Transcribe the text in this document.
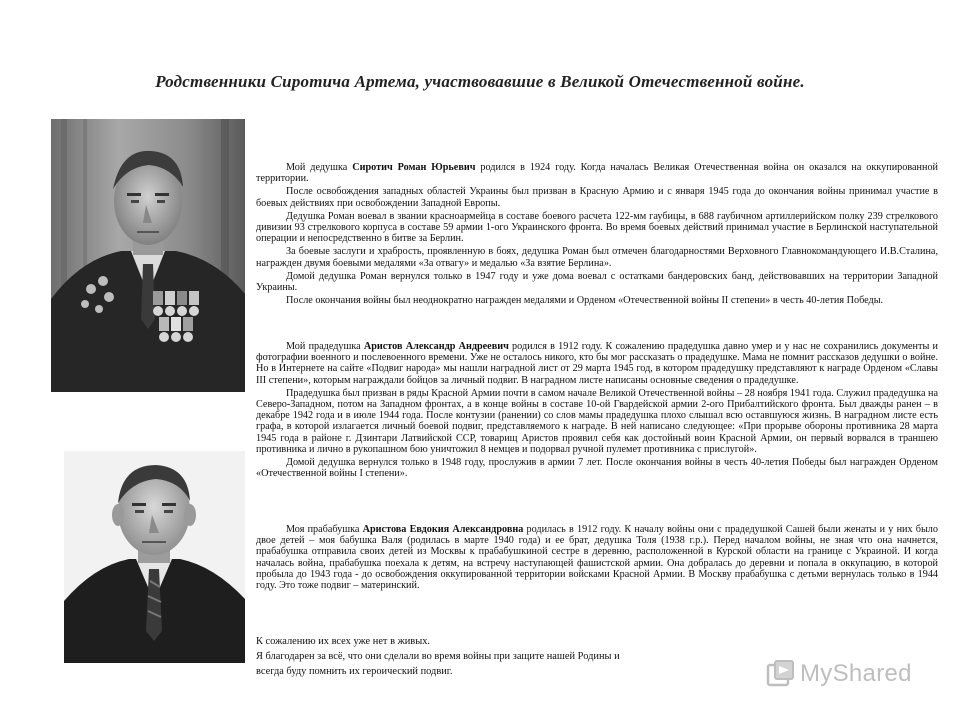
Родственники Сиротича Артема, участвовавшие в Великой Отечественной войне.

Мой дедушка Сиротич Роман Юрьевич родился в 1924 году. Когда началась Великая Отечественная война он оказался на оккупированной территории.

После освобождения западных областей Украины был призван в Красную Армию и с января 1945 года до окончания войны принимал участие в боевых действиях при освобождении Западной Европы.

Дедушка Роман воевал в звании красноармейца в составе боевого расчета 122-мм гаубицы, в 688 гаубичном артиллерийском полку 239 стрелкового дивизии 93 стрелкового корпуса в составе 59 армии 1-ого Украинского фронта. Во время боевых действий принимал участие в Берлинской наступательной операции и непосредственно в битве за Берлин.

За боевые заслуги и храбрость, проявленную в боях, дедушка Роман был отмечен благодарностями Верховного Главнокомандующего И.В.Сталина, награжден двумя боевыми медалями «За отвагу» и медалью «За взятие Берлина».

Домой дедушка Роман вернулся только в 1947 году и уже дома воевал с остатками бандеровских банд, действовавших на территории Западной Украины.

После окончания войны был неоднократно награжден медалями и Орденом «Отечественной войны II степени» в честь 40-летия Победы.

Мой прадедушка Аристов Александр Андреевич родился в 1912 году. К сожалению прадедушка давно умер и у нас не сохранились документы и фотографии военного и послевоенного времени. Уже не осталось никого, кто бы мог рассказать о прадедушке. Мама не помнит рассказов дедушки о войне. Но в Интернете на сайте «Подвиг народа» мы нашли наградной лист от 29 марта 1945 год, в котором прадедушку представляют к награде Орденом «Славы III степени», которым награждали бойцов за личный подвиг. В наградном листе написаны основные сведения о прадедушке.

Прадедушка был призван в ряды Красной Армии почти в самом начале Великой Отечественной войны – 28 ноября 1941 года. Служил прадедушка на Северо-Западном, потом на Западном фронтах, а в конце войны в составе 10-ой Гвардейской армии 2-ого Прибалтийского фронта. Был дважды ранен – в декабре 1942 года и в июле 1944 года. После контузии (ранении) со слов мамы прадедушка плохо слышал всю оставшуюся жизнь. В наградном листе есть графа, в которой излагается личный боевой подвиг, представляемого к награде. В ней написано следующее: «При прорыве обороны противника 28 марта 1945 года в районе г. Дзинтари Латвийской ССР, товарищ Аристов проявил себя как достойный воин Красной Армии, он первый ворвался в траншею противника и лично в рукопашном бою уничтожил 8 немцев и подорвал ручной пулемет противника с прислугой».

Домой дедушка вернулся только в 1948 году, прослужив в армии 7 лет. После окончания войны в честь 40-летия Победы был награжден Орденом «Отечественной войны I степени».

Моя прабабушка Аристова Евдокия Александровна родилась в 1912 году. К началу войны они с прадедушкой Сашей были женаты и у них было двое детей – моя бабушка Валя (родилась в марте 1940 года) и ее брат, дедушка Толя (1938 г.р.). Перед началом войны, не зная что она начнется, прабабушка отправила своих детей из Москвы к прабабушкиной сестре в деревню, расположенной в Курской области на границе с Украиной. И когда началась война, прабабушка поехала к детям, на встречу наступающей фашистской армии. Она добралась до деревни и попала в оккупацию, в которой пробыла до 1943 года - до освобождения оккупированной территории войсками Красной Армии. В Москву прабабушка с детьми вернулась только в 1944 году. Это тоже подвиг – материнский.

К сожалению их всех уже нет в живых.
Я благодарен за всё, что они сделали во время войны при защите нашей Родины и
всегда буду помнить их героический подвиг.	MyShared
